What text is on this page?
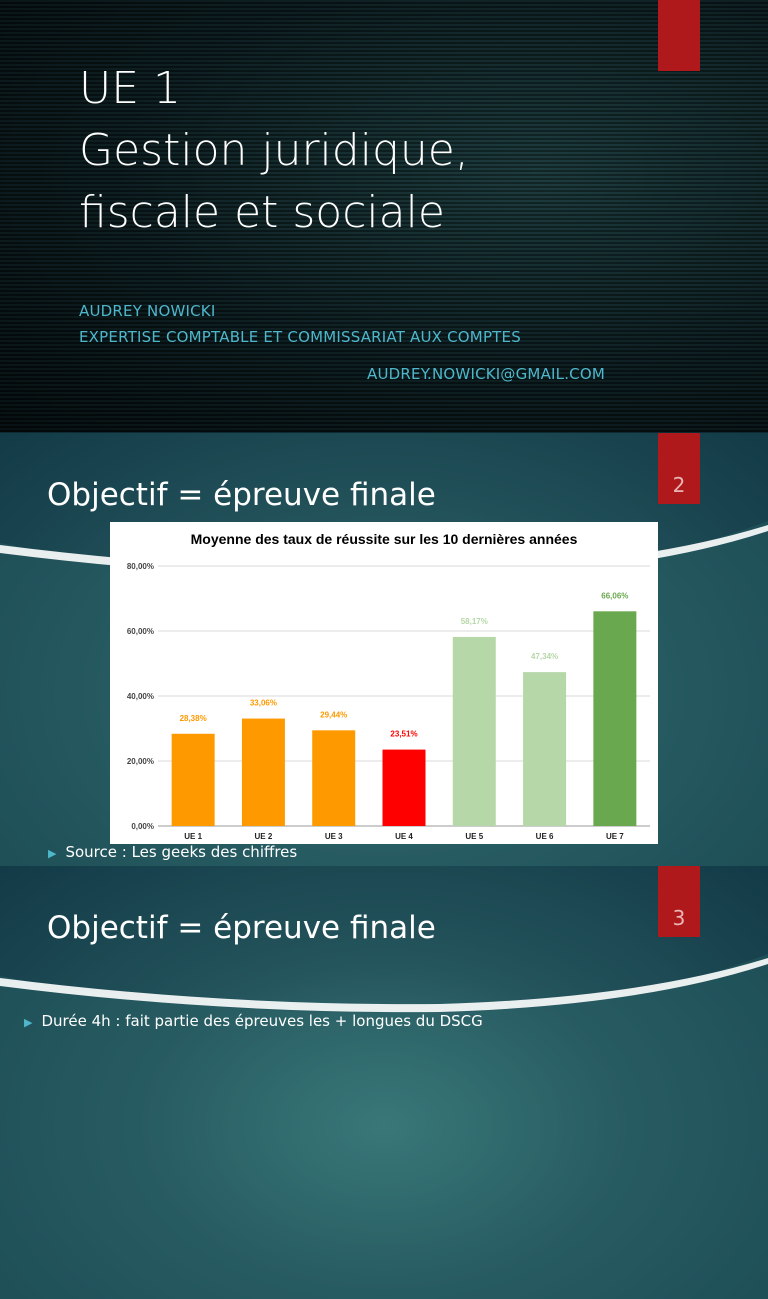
UE 1
Gestion juridique,
fiscale et sociale
AUDREY NOWICKI
EXPERTISE COMPTABLE ET COMMISSARIAT AUX COMPTES
AUDREY.NOWICKI@GMAIL.COM
2
Objectif = épreuve finale
Moyenne des taux de réussite sur les 10 dernières années
0,00%
20,00%
40,00%
60,00%
80,00%
28,38%
UE 1
33,06%
UE 2
29,44%
UE 3
23,51%
UE 4
58,17%
UE 5
47,34%
UE 6
66,06%
UE 7
▶ Source : Les geeks des chiffres
3
Objectif = épreuve finale
▶ Durée 4h : fait partie des épreuves les + longues du DSCG
